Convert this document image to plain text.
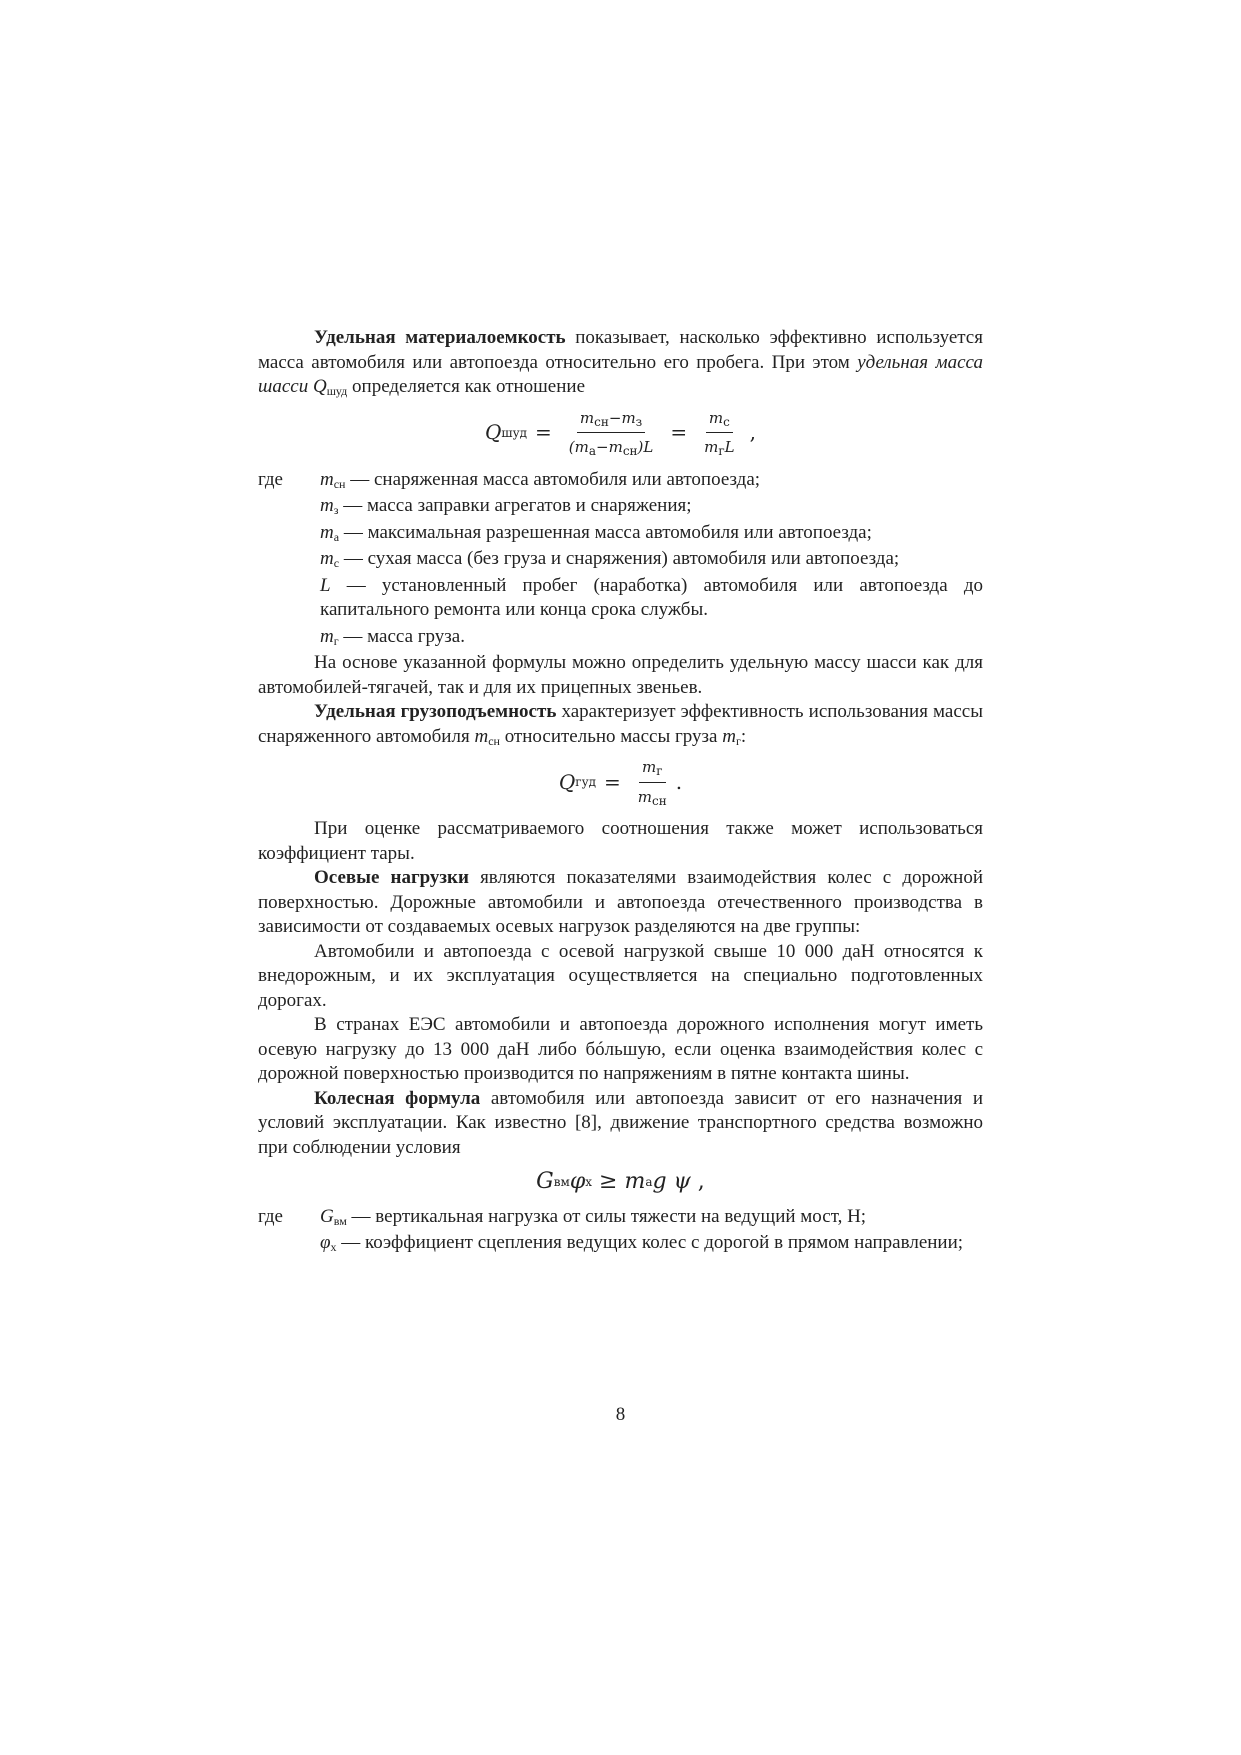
Удельная материалоемкость показывает, насколько эффективно используется масса автомобиля или автопоезда относительно его пробега. При этом удельная масса шасси $Q_{шуд}$ определяется как отношение

Q шуд = $\frac{m_{сн}-m_з}{(m_a-m_{сн})L} = \frac{m_с}{m_гL}$ ,
где	$m_{сн}$ — снаряженная масса автомобиля или автопоезда;

$m_з$ — масса заправки агрегатов и снаряжения;

$m_a$ — максимальная разрешенная масса автомобиля или автопоезда;

$m_с$ — сухая масса (без груза и снаряжения) автомобиля или автопоезда;

L — установленный пробег (наработка) автомобиля или автопоезда до капитального ремонта или конца срока службы.

$m_г$ — масса груза.

На основе указанной формулы можно определить удельную массу шасси как для автомобилей-тягачей, так и для их прицепных звеньев.

Удельная грузоподъемность характеризует эффективность использования массы снаряженного автомобиля $m_{сн}$ относительно массы груза $m_г$:

Q гуд = $\frac{m_г}{m_{сн}}$ .

При оценке рассматриваемого соотношения также может использоваться коэффициент тары.

Осевые нагрузки являются показателями взаимодействия колес с дорожной поверхностью. Дорожные автомобили и автопоезда отечественного производства в зависимости от создаваемых осевых нагрузок разделяются на две группы:

Автомобили и автопоезда с осевой нагрузкой свыше 10 000 даН относятся к внедорожным, и их эксплуатация осуществляется на специально подготовленных дорогах.

В странах ЕЭС автомобили и автопоезда дорожного исполнения могут иметь осевую нагрузку до 13 000 даН либо бóльшую, если оценка взаимодействия колес с дорожной поверхностью производится по напряжениям в пятне контакта шины.

Колесная формула автомобиля или автопоезда зависит от его назначения и условий эксплуатации. Как известно [8], движение транспортного средства возможно при соблюдении условия

G вм φ x ≥ m a g ψ ,
где	$G_{вм}$ — вертикальная нагрузка от силы тяжести на ведущий мост, Н;

$\varphi_x$ — коэффициент сцепления ведущих колес с дорогой в прямом направлении;

8
